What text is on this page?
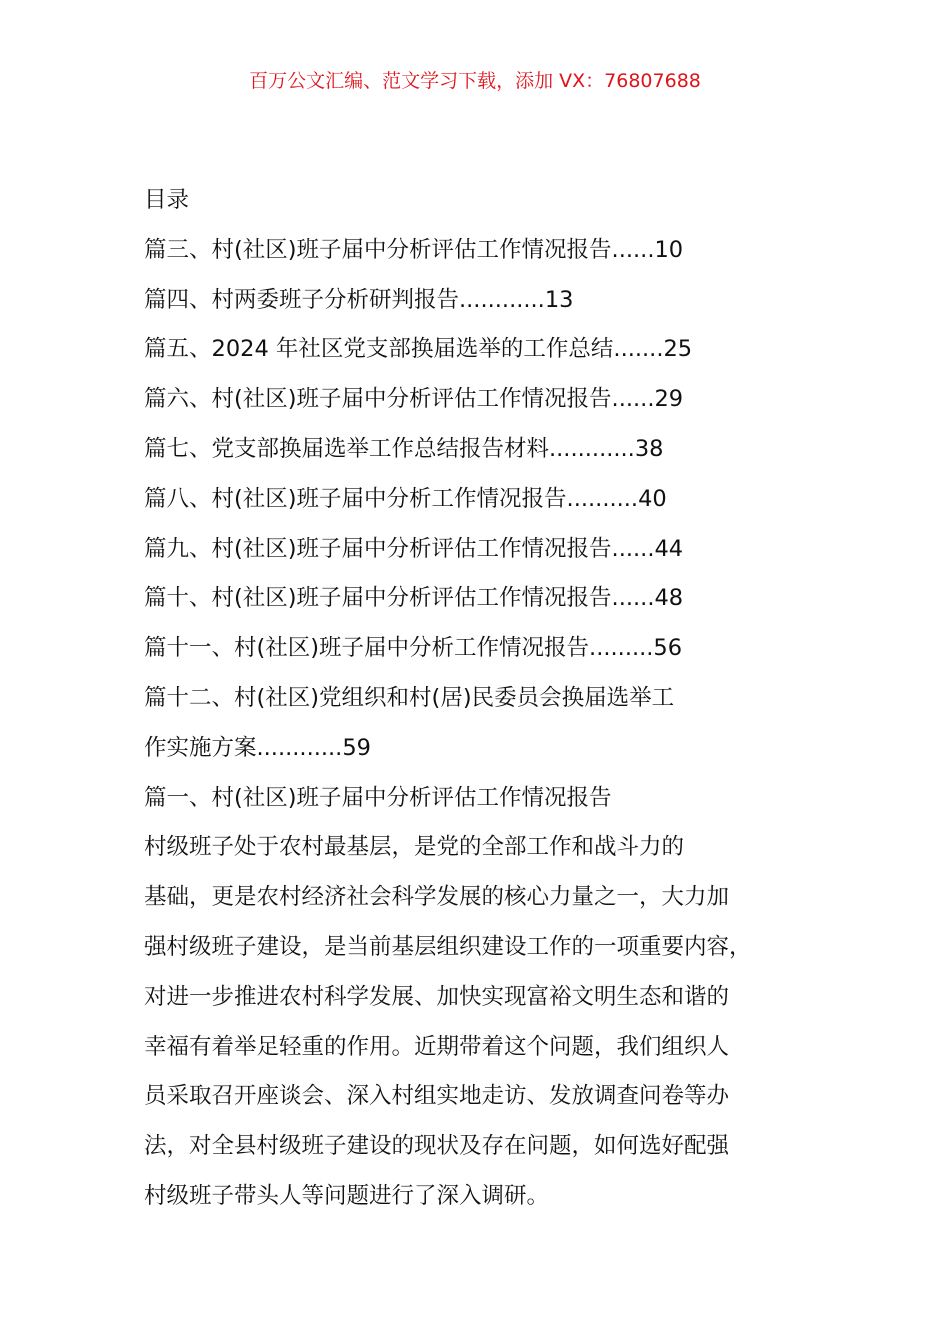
百万公文汇编、范文学习下载，添加 VX：76807688
目录
篇三、村(社区)班子届中分析评估工作情况报告......10
篇四、村两委班子分析研判报告............13
篇五、2024 年社区党支部换届选举的工作总结.......25
篇六、村(社区)班子届中分析评估工作情况报告......29
篇七、党支部换届选举工作总结报告材料............38
篇八、村(社区)班子届中分析工作情况报告..........40
篇九、村(社区)班子届中分析评估工作情况报告......44
篇十、村(社区)班子届中分析评估工作情况报告......48
篇十一、村(社区)班子届中分析工作情况报告.........56
篇十二、村(社区)党组织和村(居)民委员会换届选举工
作实施方案............59
篇一、村(社区)班子届中分析评估工作情况报告
村级班子处于农村最基层，是党的全部工作和战斗力的
基础，更是农村经济社会科学发展的核心力量之一，大力加
强村级班子建设，是当前基层组织建设工作的一项重要内容，
对进一步推进农村科学发展、加快实现富裕文明生态和谐的
幸福有着举足轻重的作用。近期带着这个问题，我们组织人
员采取召开座谈会、深入村组实地走访、发放调查问卷等办
法，对全县村级班子建设的现状及存在问题，如何选好配强
村级班子带头人等问题进行了深入调研。
